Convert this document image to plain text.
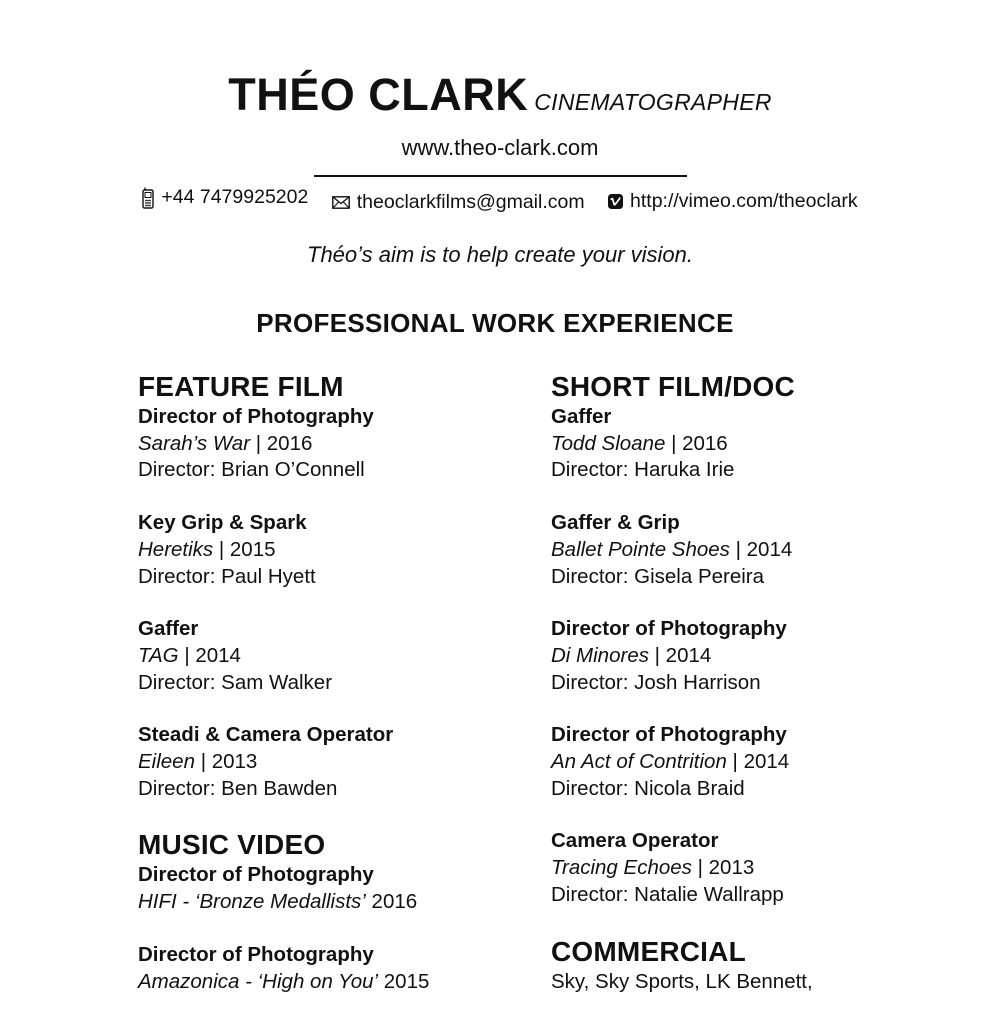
THÉO CLARK CINEMATOGRAPHER
www.theo-clark.com
+44 7479925202
theoclarkfilms@gmail.com
http://vimeo.com/theoclark
Théo’s aim is to help create your vision.
PROFESSIONAL WORK EXPERIENCE
FEATURE FILM
Director of Photography
Sarah’s War | 2016
Director: Brian O’Connell
Key Grip & Spark
Heretiks | 2015
Director: Paul Hyett
Gaffer
TAG | 2014
Director: Sam Walker
Steadi & Camera Operator
Eileen | 2013
Director: Ben Bawden
MUSIC VIDEO
Director of Photography
HIFI - ‘Bronze Medallists’ 2016
Director of Photography
Amazonica - ‘High on You’ 2015
SHORT FILM/DOC
Gaffer
Todd Sloane | 2016
Director: Haruka Irie
Gaffer & Grip
Ballet Pointe Shoes | 2014
Director: Gisela Pereira
Director of Photography
Di Minores | 2014
Director: Josh Harrison
Director of Photography
An Act of Contrition | 2014
Director: Nicola Braid
Camera Operator
Tracing Echoes | 2013
Director: Natalie Wallrapp
COMMERCIAL
Sky, Sky Sports, LK Bennett,
